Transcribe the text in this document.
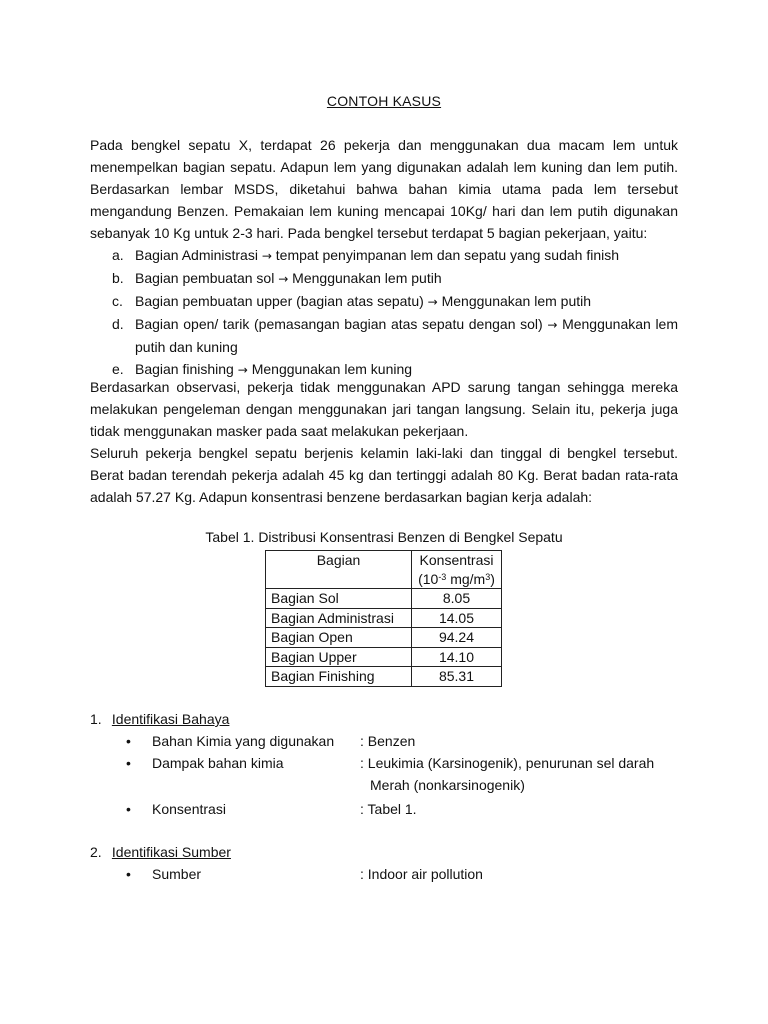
CONTOH KASUS
Pada bengkel sepatu X, terdapat 26 pekerja dan menggunakan dua macam lem untuk menempelkan bagian sepatu. Adapun lem yang digunakan adalah lem kuning dan lem putih. Berdasarkan lembar MSDS, diketahui bahwa bahan kimia utama pada lem tersebut mengandung Benzen. Pemakaian lem kuning mencapai 10Kg/ hari dan lem putih digunakan sebanyak 10 Kg untuk 2-3 hari. Pada bengkel tersebut terdapat 5 bagian pekerjaan, yaitu:
a. Bagian Administrasi → tempat penyimpanan lem dan sepatu yang sudah finish
b. Bagian pembuatan sol → Menggunakan lem putih
c. Bagian pembuatan upper (bagian atas sepatu) → Menggunakan lem putih
d. Bagian open/ tarik (pemasangan bagian atas sepatu dengan sol) → Menggunakan lem putih dan kuning
e. Bagian finishing → Menggunakan lem kuning
Berdasarkan observasi, pekerja tidak menggunakan APD sarung tangan sehingga mereka melakukan pengeleman dengan menggunakan jari tangan langsung. Selain itu, pekerja juga tidak menggunakan masker pada saat melakukan pekerjaan.
Seluruh pekerja bengkel sepatu berjenis kelamin laki-laki dan tinggal di bengkel tersebut. Berat badan terendah pekerja adalah 45 kg dan tertinggi adalah 80 Kg. Berat badan rata-rata adalah 57.27 Kg. Adapun konsentrasi benzene berdasarkan bagian kerja adalah:
Tabel 1. Distribusi Konsentrasi Benzen di Bengkel Sepatu
Bagian	Konsentrasi
($10^{-3}$ $mg/m^3$)
Bagian Sol	8.05
Bagian Administrasi	14.05
Bagian Open	94.24
Bagian Upper	14.10
Bagian Finishing	85.31
1. Identifikasi Bahaya
• Bahan Kimia yang digunakan : Benzen
• Dampak bahan kimia	: Leukimia (Karsinogenik), penurunan sel darah
Merah (nonkarsinogenik)
• Konsentrasi	: Tabel 1.
2. Identifikasi Sumber
• Sumber	: Indoor air pollution
